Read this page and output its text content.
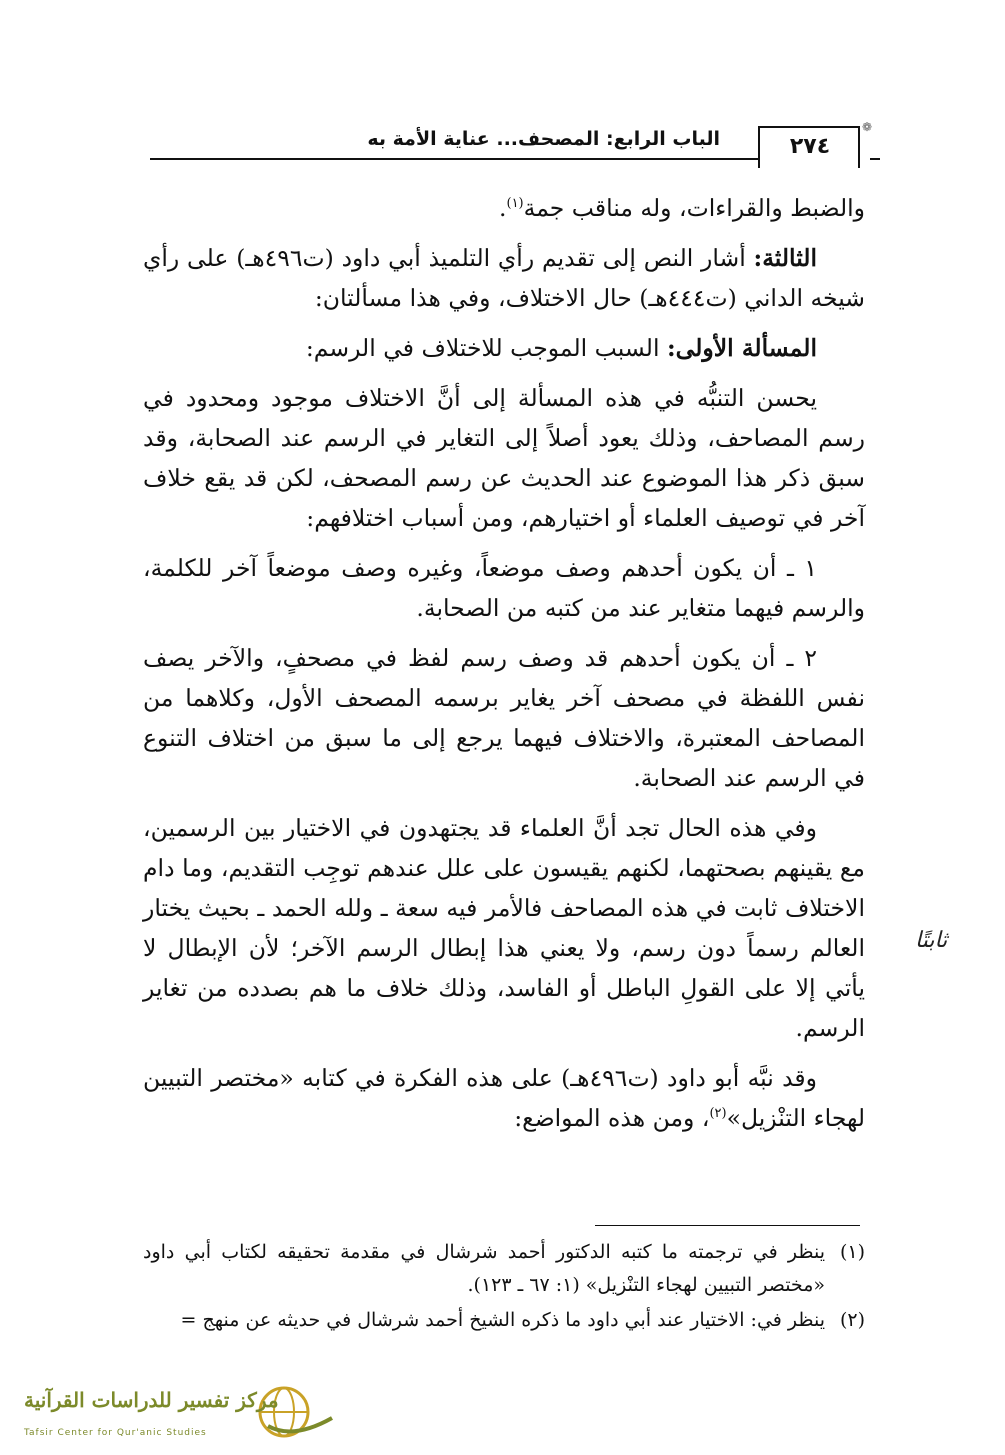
الباب الرابع: المصحف... عناية الأمة به
❁
٢٧٤

والضبط والقراءات، وله مناقب جمة$^{(١)}$.

الثالثة: أشار النص إلى تقديم رأي التلميذ أبي داود (ت٤٩٦هـ) على رأي شيخه الداني (ت٤٤٤هـ) حال الاختلاف، وفي هذا مسألتان:

المسألة الأولى: السبب الموجب للاختلاف في الرسم:

يحسن التنبُّه في هذه المسألة إلى أنَّ الاختلاف موجود ومحدود في رسم المصاحف، وذلك يعود أصلاً إلى التغاير في الرسم عند الصحابة، وقد سبق ذكر هذا الموضوع عند الحديث عن رسم المصحف، لكن قد يقع خلاف آخر في توصيف العلماء أو اختيارهم، ومن أسباب اختلافهم:

١ ـ أن يكون أحدهم وصف موضعاً، وغيره وصف موضعاً آخر للكلمة، والرسم فيهما متغاير عند من كتبه من الصحابة.

٢ ـ أن يكون أحدهم قد وصف رسم لفظ في مصحفٍ، والآخر يصف نفس اللفظة في مصحف آخر يغاير برسمه المصحف الأول، وكلاهما من المصاحف المعتبرة، والاختلاف فيهما يرجع إلى ما سبق من اختلاف التنوع في الرسم عند الصحابة.

وفي هذه الحال تجد أنَّ العلماء قد يجتهدون في الاختيار بين الرسمين، مع يقينهم بصحتهما، لكنهم يقيسون على علل عندهم توجِب التقديم، وما دام الاختلاف ثابت في هذه المصاحف فالأمر فيه سعة ـ ولله الحمد ـ بحيث يختار العالم رسماً دون رسم، ولا يعني هذا إبطال الرسم الآخر؛ لأن الإبطال لا يأتي إلا على القولِ الباطل أو الفاسد، وذلك خلاف ما هم بصدده من تغاير الرسم.

وقد نبَّه أبو داود (ت٤٩٦هـ) على هذه الفكرة في كتابه «مختصر التبيين لهجاء التنْزيل»$^{(٢)}$، ومن هذه المواضع:

ثابتًا
(١)
ينظر في ترجمته ما كتبه الدكتور أحمد شرشال في مقدمة تحقيقه لكتاب أبي داود «مختصر التبيين لهجاء التنْزيل» (١: ٦٧ ـ ١٢٣).
(٢)
ينظر في: الاختيار عند أبي داود ما ذكره الشيخ أحمد شرشال في حديثه عن منهج =
مركز تفسير للدراسات القرآنية
Tafsir Center for Qur'anic Studies
